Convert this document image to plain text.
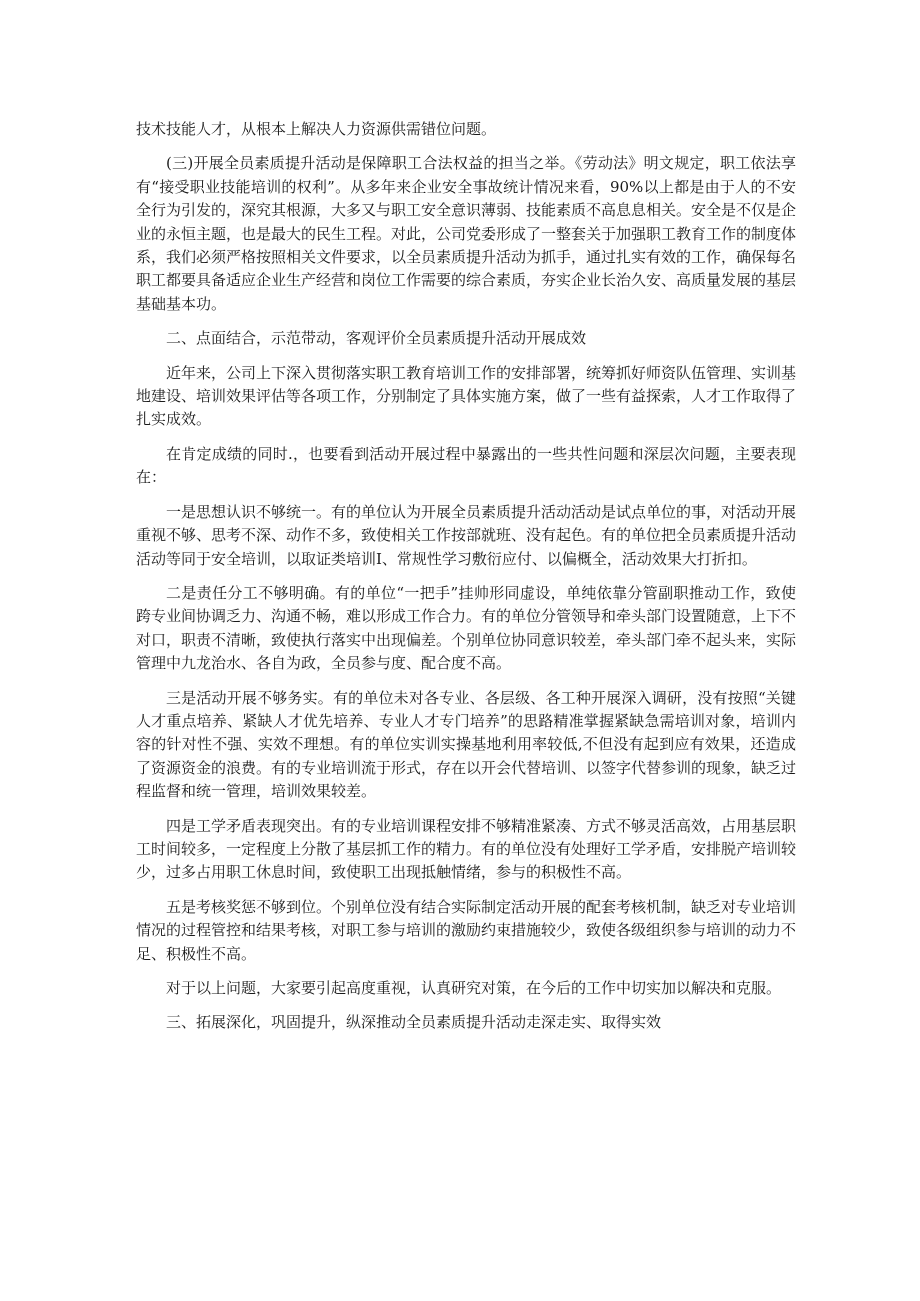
技术技能人才，从根本上解决人力资源供需错位问题。

(三)开展全员素质提升活动是保障职工合法权益的担当之举。《劳动法》明文规定，职工依法享有“接受职业技能培训的权利”。从多年来企业安全事故统计情况来看，90%以上都是由于人的不安全行为引发的，深究其根源，大多又与职工安全意识薄弱、技能素质不高息息相关。安全是不仅是企业的永恒主题，也是最大的民生工程。对此，公司党委形成了一整套关于加强职工教育工作的制度体系，我们必须严格按照相关文件要求，以全员素质提升活动为抓手，通过扎实有效的工作，确保每名职工都要具备适应企业生产经营和岗位工作需要的综合素质，夯实企业长治久安、高质量发展的基层基础基本功。

二、点面结合，示范带动，客观评价全员素质提升活动开展成效

近年来，公司上下深入贯彻落实职工教育培训工作的安排部署，统筹抓好师资队伍管理、实训基地建设、培训效果评估等各项工作，分别制定了具体实施方案，做了一些有益探索，人才工作取得了扎实成效。

在肯定成绩的同时.，也要看到活动开展过程中暴露出的一些共性问题和深层次问题，主要表现在：

一是思想认识不够统一。有的单位认为开展全员素质提升活动活动是试点单位的事，对活动开展重视不够、思考不深、动作不多，致使相关工作按部就班、没有起色。有的单位把全员素质提升活动活动等同于安全培训，以取证类培训I、常规性学习敷衍应付、以偏概全，活动效果大打折扣。

二是责任分工不够明确。有的单位“一把手”挂帅形同虚设，单纯依靠分管副职推动工作，致使跨专业间协调乏力、沟通不畅，难以形成工作合力。有的单位分管领导和牵头部门设置随意，上下不对口，职责不清晰，致使执行落实中出现偏差。个别单位协同意识较差，牵头部门牵不起头来，实际管理中九龙治水、各自为政，全员参与度、配合度不高。

三是活动开展不够务实。有的单位未对各专业、各层级、各工种开展深入调研，没有按照“关键人才重点培养、紧缺人才优先培养、专业人才专门培养”的思路精准掌握紧缺急需培训对象，培训内容的针对性不强、实效不理想。有的单位实训实操基地利用率较低,不但没有起到应有效果，还造成了资源资金的浪费。有的专业培训流于形式，存在以开会代替培训、以签字代替参训的现象，缺乏过程监督和统一管理，培训效果较差。

四是工学矛盾表现突出。有的专业培训课程安排不够精准紧凑、方式不够灵活高效，占用基层职工时间较多，一定程度上分散了基层抓工作的精力。有的单位没有处理好工学矛盾，安排脱产培训较少，过多占用职工休息时间，致使职工出现抵触情绪，参与的积极性不高。

五是考核奖惩不够到位。个别单位没有结合实际制定活动开展的配套考核机制，缺乏对专业培训情况的过程管控和结果考核，对职工参与培训的激励约束措施较少，致使各级组织参与培训的动力不足、积极性不高。

对于以上问题，大家要引起高度重视，认真研究对策，在今后的工作中切实加以解决和克服。

三、拓展深化，巩固提升，纵深推动全员素质提升活动走深走实、取得实效
